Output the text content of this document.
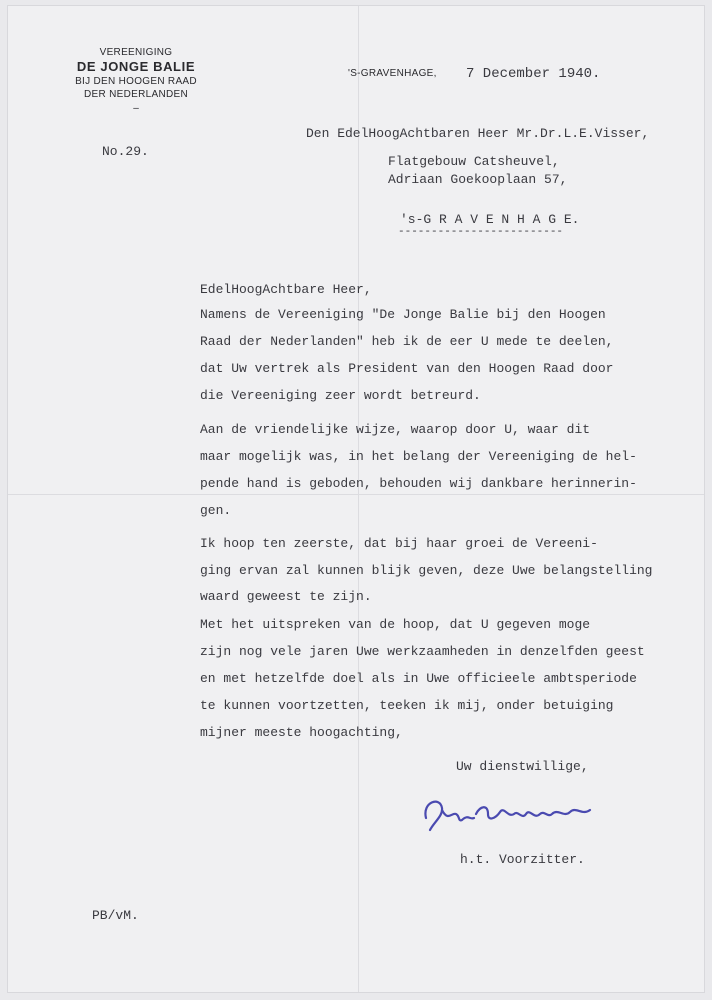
VEREENIGING
DE JONGE BALIE
BIJ DEN HOOGEN RAAD
DER NEDERLANDEN
–
No.29.
'S-GRAVENHAGE, 7 December 1940.
Den EdelHoogAchtbaren Heer Mr.Dr.L.E.Visser,
Flatgebouw Catsheuvel,
Adriaan Goekooplaan 57,
's-G R A V E N H A G E.
-------------------------
EdelHoogAchtbare Heer,

Namens de Vereeniging "De Jonge Balie bij den Hoogen

Raad der Nederlanden" heb ik de eer U mede te deelen,

dat Uw vertrek als President van den Hoogen Raad door

die Vereeniging zeer wordt betreurd.

Aan de vriendelijke wijze, waarop door U, waar dit

maar mogelijk was, in het belang der Vereeniging de hel-

pende hand is geboden, behouden wij dankbare herinnerin-

gen.

Ik hoop ten zeerste, dat bij haar groei de Vereeni-

ging ervan zal kunnen blijk geven, deze Uwe belangstelling

waard geweest te zijn.

Met het uitspreken van de hoop, dat U gegeven moge

zijn nog vele jaren Uwe werkzaamheden in denzelfden geest

en met hetzelfde doel als in Uwe officieele ambtsperiode

te kunnen voortzetten, teeken ik mij, onder betuiging

mijner meeste hoogachting,

Uw dienstwillige,
h.t. Voorzitter.
PB/vM.
